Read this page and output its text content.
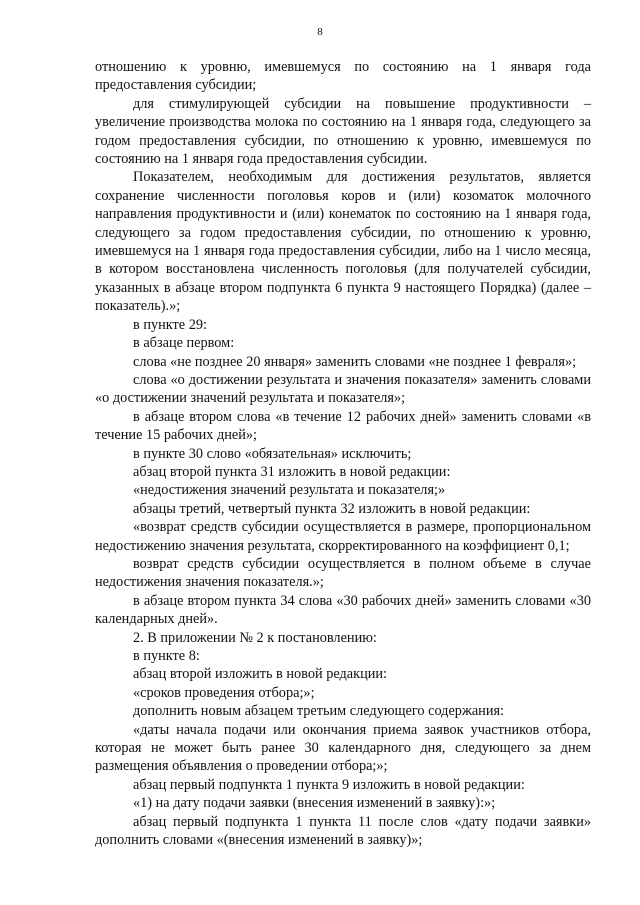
8

отношению к уровню, имевшемуся по состоянию на 1 января года предоставления субсидии;

для стимулирующей субсидии на повышение продуктивности – увеличение производства молока по состоянию на 1 января года, следующего за годом предоставления субсидии, по отношению к уровню, имевшемуся по состоянию на 1 января года предоставления субсидии.

Показателем, необходимым для достижения результатов, является сохранение численности поголовья коров и (или) козоматок молочного направления продуктивности и (или) конематок по состоянию на 1 января года, следующего за годом предоставления субсидии, по отношению к уровню, имевшемуся на 1 января года предоставления субсидии, либо на 1 число месяца, в котором восстановлена численность поголовья (для получателей субсидии, указанных в абзаце втором подпункта 6 пункта 9 настоящего Порядка) (далее – показатель).»;

в пункте 29:

в абзаце первом:

слова «не позднее 20 января» заменить словами «не позднее 1 февраля»;

слова «о достижении результата и значения показателя» заменить словами «о достижении значений результата и показателя»;

в абзаце втором слова «в течение 12 рабочих дней» заменить словами «в течение 15 рабочих дней»;

в пункте 30 слово «обязательная» исключить;

абзац второй пункта 31 изложить в новой редакции:

«недостижения значений результата и показателя;»

абзацы третий, четвертый пункта 32 изложить в новой редакции:

«возврат средств субсидии осуществляется в размере, пропорциональном недостижению значения результата, скорректированного на коэффициент 0,1;

возврат средств субсидии осуществляется в полном объеме в случае недостижения значения показателя.»;

в абзаце втором пункта 34 слова «30 рабочих дней» заменить словами «30 календарных дней».

2. В приложении № 2 к постановлению:

в пункте 8:

абзац второй изложить в новой редакции:

«сроков проведения отбора;»;

дополнить новым абзацем третьим следующего содержания:

«даты начала подачи или окончания приема заявок участников отбора, которая не может быть ранее 30 календарного дня, следующего за днем размещения объявления о проведении отбора;»;

абзац первый подпункта 1 пункта 9 изложить в новой редакции:

«1) на дату подачи заявки (внесения изменений в заявку):»;

абзац первый подпункта 1 пункта 11 после слов «дату подачи заявки» дополнить словами «(внесения изменений в заявку)»;
